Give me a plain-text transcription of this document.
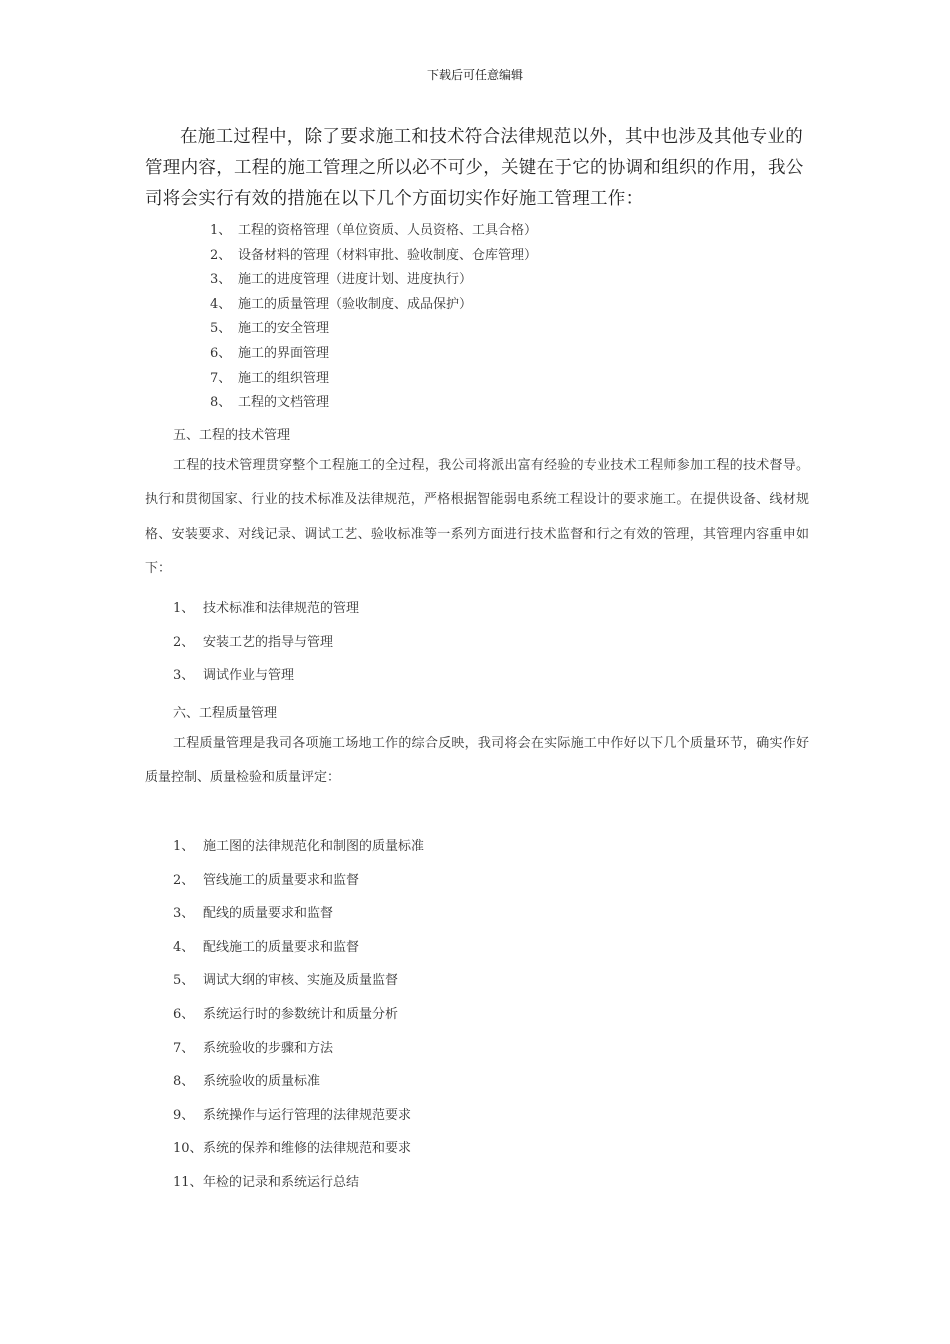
下载后可任意编辑

在施工过程中，除了要求施工和技术符合法律规范以外，其中也涉及其他专业的管理内容，工程的施工管理之所以必不可少，关键在于它的协调和组织的作用，我公司将会实行有效的措施在以下几个方面切实作好施工管理工作：

1、 工程的资格管理（单位资质、人员资格、工具合格）
2、 设备材料的管理（材料审批、验收制度、仓库管理）
3、 施工的进度管理（进度计划、进度执行）
4、 施工的质量管理（验收制度、成品保护）
5、 施工的安全管理
6、 施工的界面管理
7、 施工的组织管理
8、 工程的文档管理

五、工程的技术管理

工程的技术管理贯穿整个工程施工的全过程，我公司将派出富有经验的专业技术工程师参加工程的技术督导。执行和贯彻国家、行业的技术标准及法律规范，严格根据智能弱电系统工程设计的要求施工。在提供设备、线材规格、安装要求、对线记录、调试工艺、验收标准等一系列方面进行技术监督和行之有效的管理，其管理内容重申如下：

1、 技术标准和法律规范的管理
2、 安装工艺的指导与管理
3、 调试作业与管理

六、工程质量管理

工程质量管理是我司各项施工场地工作的综合反映，我司将会在实际施工中作好以下几个质量环节，确实作好质量控制、质量检验和质量评定：

1、 施工图的法律规范化和制图的质量标准
2、 管线施工的质量要求和监督
3、 配线的质量要求和监督
4、 配线施工的质量要求和监督
5、 调试大纲的审核、实施及质量监督
6、 系统运行时的参数统计和质量分析
7、 系统验收的步骤和方法
8、 系统验收的质量标准
9、 系统操作与运行管理的法律规范要求
10、系统的保养和维修的法律规范和要求
11、年检的记录和系统运行总结
